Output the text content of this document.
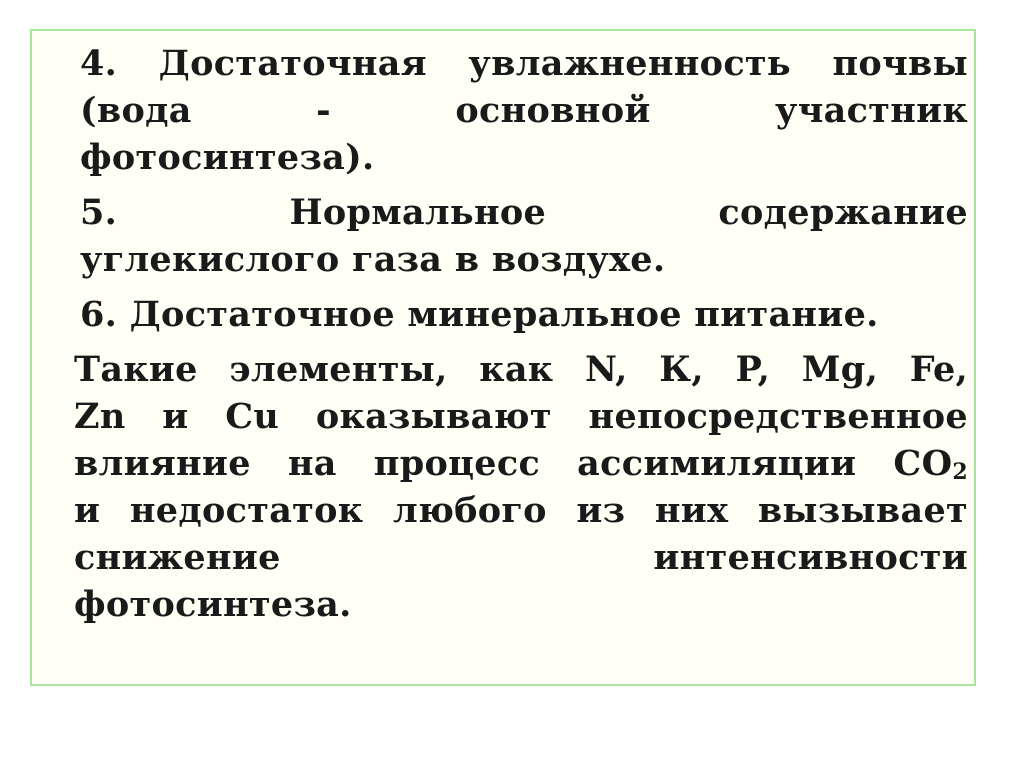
4. Достаточная увлажненность почвы
(вода - основной участник
фотосинтеза).

5. Нормальное содержание
углекислого газа в воздухе.

6. Достаточное минеральное питание.

Такие элементы, как N, К, P, Mg, Fe,
Zn и Cu оказывают непосредственное
влияние на процесс ассимиляции $CO_2$
и недостаток любого из них вызывает
снижение интенсивности
фотосинтеза.
